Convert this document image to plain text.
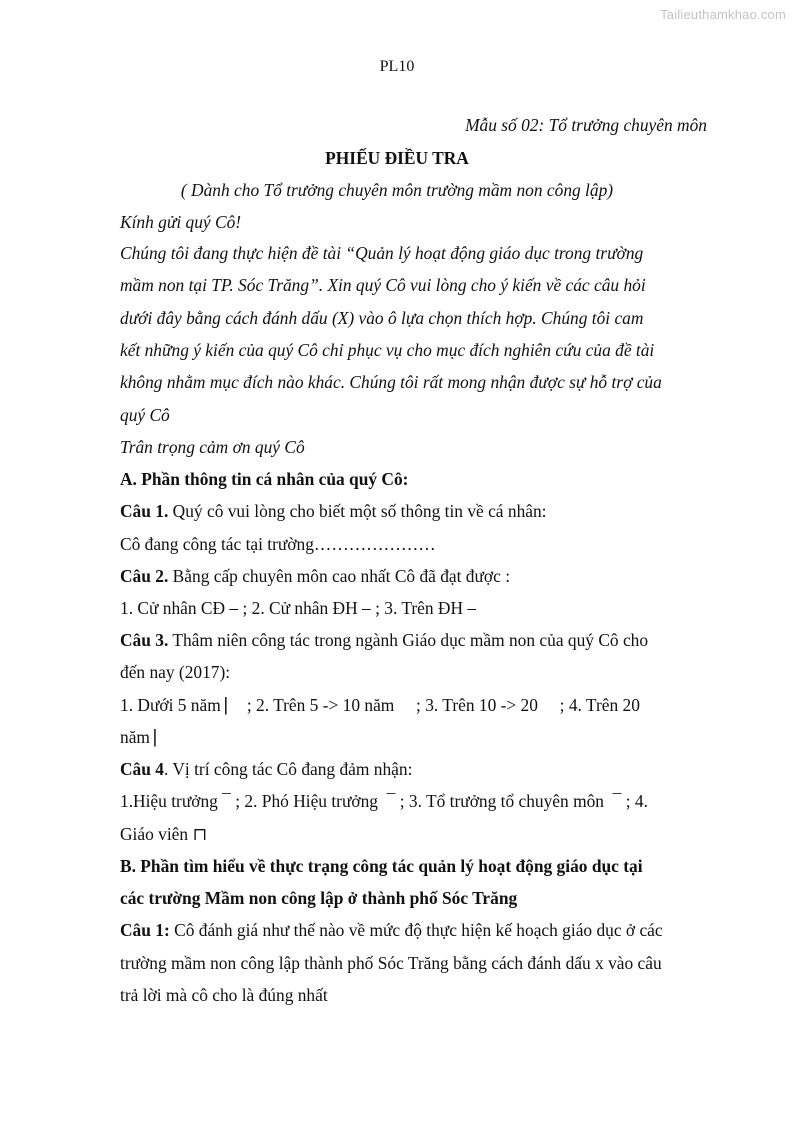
Tailieuthamkhao.com
PL10
Mẫu số 02: Tổ trưởng chuyên môn
PHIẾU ĐIỀU TRA
( Dành cho Tổ trưởng chuyên môn trường mầm non công lập)
Kính gửi quý Cô!
Chúng tôi đang thực hiện đề tài “Quản lý hoạt động giáo dục trong trường
mầm non tại TP. Sóc Trăng”. Xin quý Cô vui lòng cho ý kiến về các câu hỏi
dưới đây bằng cách đánh dấu (X) vào ô lựa chọn thích hợp. Chúng tôi cam
kết những ý kiến của quý Cô chỉ phục vụ cho mục đích nghiên cứu của đề tài
không nhằm mục đích nào khác. Chúng tôi rất mong nhận được sự hỗ trợ của
quý Cô
Trân trọng cảm ơn quý Cô
A. Phần thông tin cá nhân của quý Cô:
Câu 1. Quý cô vui lòng cho biết một số thông tin về cá nhân:
Cô đang công tác tại trường…………………
Câu 2. Bằng cấp chuyên môn cao nhất Cô đã đạt được :
1. Cử nhân CĐ ⎯ ; 2. Cử nhân ĐH ⎯ ; 3. Trên ĐH ⎯
Câu 3. Thâm niên công tác trong ngành Giáo dục mầm non của quý Cô cho
đến nay (2017):
1. Dưới 5 năm ⎸ ; 2. Trên 5 -> 10 năm     ; 3. Trên 10 -> 20     ; 4. Trên 20
năm ⎸
Câu 4. Vị trí công tác Cô đang đảm nhận:
1.Hiệu trưởng ¯ ; 2. Phó Hiệu trưởng  ¯ ; 3. Tổ trưởng tổ chuyên môn  ¯ ; 4.
Giáo viên ⊓
B. Phần tìm hiểu về thực trạng công tác quản lý hoạt động giáo dục tại
các trường Mầm non công lập ở thành phố Sóc Trăng
Câu 1: Cô đánh giá như thế nào về mức độ thực hiện kế hoạch giáo dục ở các
trường mầm non công lập thành phố Sóc Trăng bằng cách đánh dấu x vào câu
trả lời mà cô cho là đúng nhất
